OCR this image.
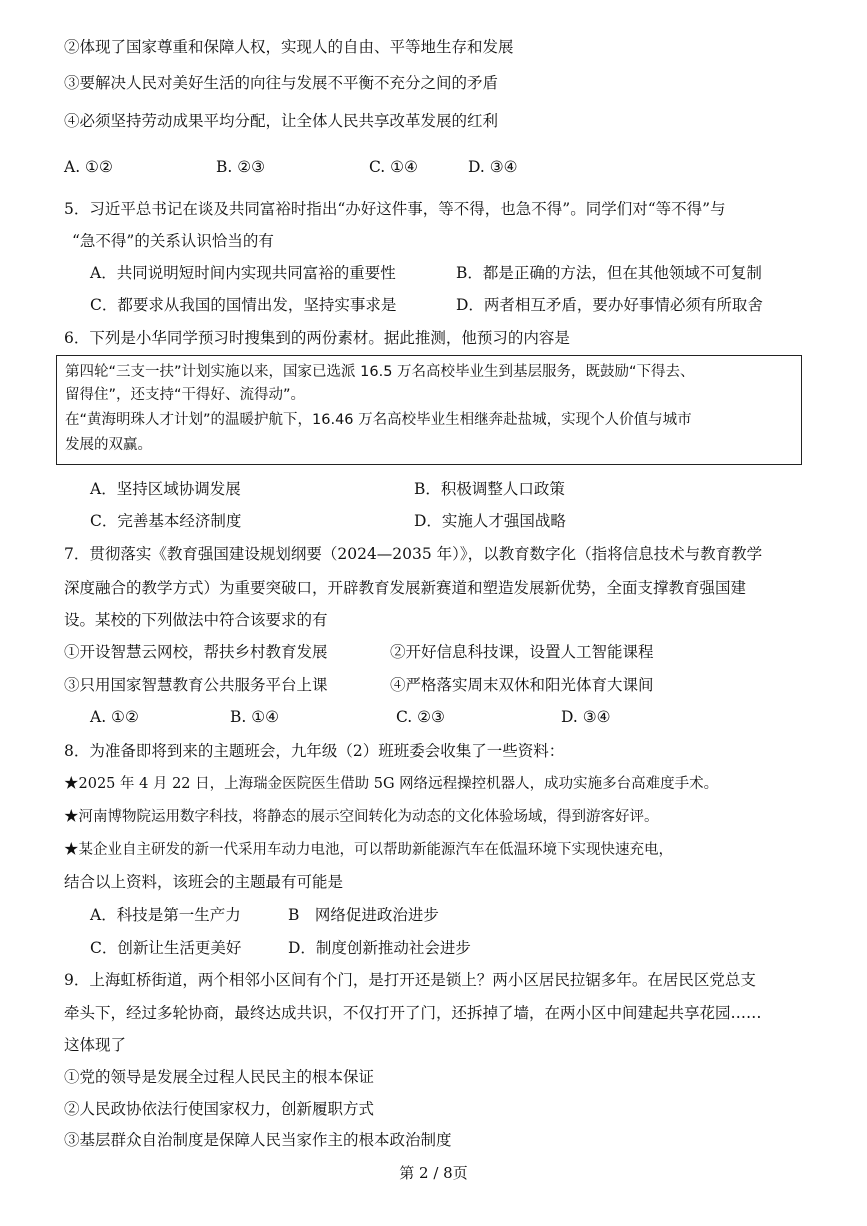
②体现了国家尊重和保障人权，实现人的自由、平等地生存和发展
③要解决人民对美好生活的向往与发展不平衡不充分之间的矛盾
④必须坚持劳动成果平均分配，让全体人民共享改革发展的红利
A. ①②	B. ②③	C. ①④	D. ③④
5．习近平总书记在谈及共同富裕时指出“办好这件事，等不得，也急不得”。同学们对“等不得”与
“急不得”的关系认识恰当的有
A．共同说明短时间内实现共同富裕的重要性	B．都是正确的方法，但在其他领域不可复制
C．都要求从我国的国情出发，坚持实事求是	D．两者相互矛盾，要办好事情必须有所取舍
6．下列是小华同学预习时搜集到的两份素材。据此推测，他预习的内容是
第四轮“三支一扶”计划实施以来，国家已选派 16.5 万名高校毕业生到基层服务，既鼓励“下得去、
留得住”，还支持“干得好、流得动”。
在“黄海明珠人才计划”的温暖护航下，16.46 万名高校毕业生相继奔赴盐城，实现个人价值与城市
发展的双赢。
A．坚持区域协调发展	B．积极调整人口政策
C．完善基本经济制度	D．实施人才强国战略
7．贯彻落实《教育强国建设规划纲要（2024—2035 年）》，以教育数字化（指将信息技术与教育教学
深度融合的教学方式）为重要突破口，开辟教育发展新赛道和塑造发展新优势，全面支撑教育强国建
设。某校的下列做法中符合该要求的有
①开设智慧云网校，帮扶乡村教育发展	②开好信息科技课，设置人工智能课程
③只用国家智慧教育公共服务平台上课	④严格落实周末双休和阳光体育大课间
A. ①②	B. ①④	C. ②③	D. ③④
8．为准备即将到来的主题班会，九年级（2）班班委会收集了一些资料：
★2025 年 4 月 22 日，上海瑞金医院医生借助 5G 网络远程操控机器人，成功实施多台高难度手术。
★河南博物院运用数字科技，将静态的展示空间转化为动态的文化体验场域，得到游客好评。
★某企业自主研发的新一代采用车动力电池，可以帮助新能源汽车在低温环境下实现快速充电，
结合以上资料，该班会的主题最有可能是
A．科技是第一生产力	B　网络促进政治进步
C．创新让生活更美好	D．制度创新推动社会进步
9．上海虹桥街道，两个相邻小区间有个门，是打开还是锁上？两小区居民拉锯多年。在居民区党总支
牵头下，经过多轮协商，最终达成共识，不仅打开了门，还拆掉了墙，在两小区中间建起共享花园……
这体现了
①党的领导是发展全过程人民民主的根本保证
②人民政协依法行使国家权力，创新履职方式
③基层群众自治制度是保障人民当家作主的根本政治制度
第 2 / 8页
